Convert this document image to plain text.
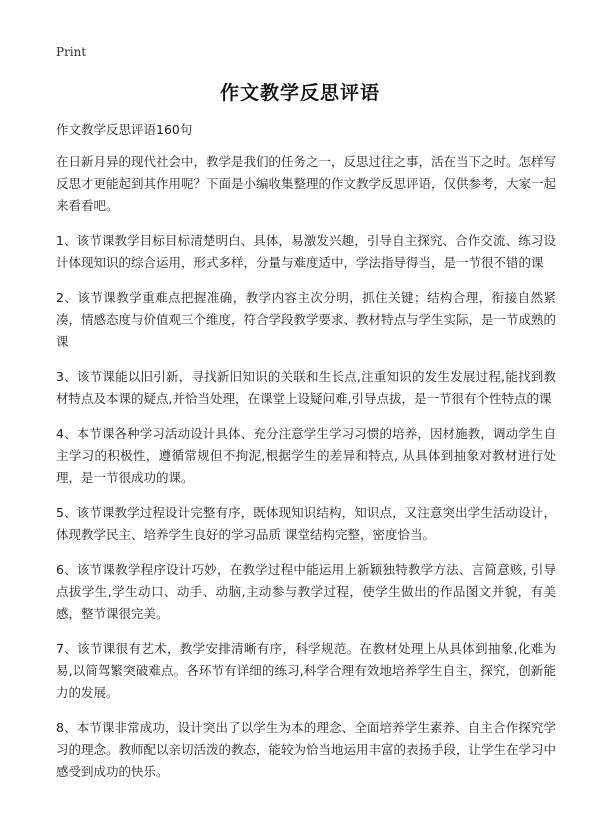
Print
作文教学反思评语

作文教学反思评语160句

在日新月异的现代社会中，教学是我们的任务之一，反思过往之事，活在当下之时。怎样写反思才更能起到其作用呢？下面是小编收集整理的作文教学反思评语，仅供参考，大家一起来看看吧。

1、该节课教学目标目标清楚明白、具体，易激发兴趣，引导自主探究、合作交流、练习设计体现知识的综合运用，形式多样，分量与难度适中，学法指导得当，是一节很不错的课

2、该节课教学重难点把握准确，教学内容主次分明，抓住关键；结构合理，衔接自然紧凑，情感态度与价值观三个维度，符合学段教学要求、教材特点与学生实际，是一节成熟的课

3、该节课能以旧引新，寻找新旧知识的关联和生长点,注重知识的发生发展过程,能找到教材特点及本课的疑点,并恰当处理，在课堂上设疑问难,引导点拔，是一节很有个性特点的课

4、本节课各种学习活动设计具体、充分注意学生学习习惯的培养，因材施教，调动学生自主学习的积极性，遵循常规但不拘泥,根据学生的差异和特点, 从具体到抽象对教材进行处理，是一节很成功的课。

5、该节课教学过程设计完整有序，既体现知识结构，知识点，又注意突出学生活动设计，体现教学民主、培养学生良好的学习品质 课堂结构完整，密度恰当。

6、该节课教学程序设计巧妙，在教学过程中能运用上新颖独特教学方法、言简意赅, 引导点拔学生,学生动口、动手、动脑,主动参与教学过程，使学生做出的作品图文并貌，有美感，整节课很完美。

7、该节课很有艺术，教学安排清晰有序，科学规范。在教材处理上从具体到抽象,化难为易,以简驾繁突破难点。各环节有详细的练习,科学合理有效地培养学生自主，探究，创新能力的发展。

8、本节课非常成功，设计突出了以学生为本的理念、全面培养学生素养、自主合作探究学习的理念。教师配以亲切活泼的教态，能较为恰当地运用丰富的表扬手段，让学生在学习中感受到成功的快乐。
